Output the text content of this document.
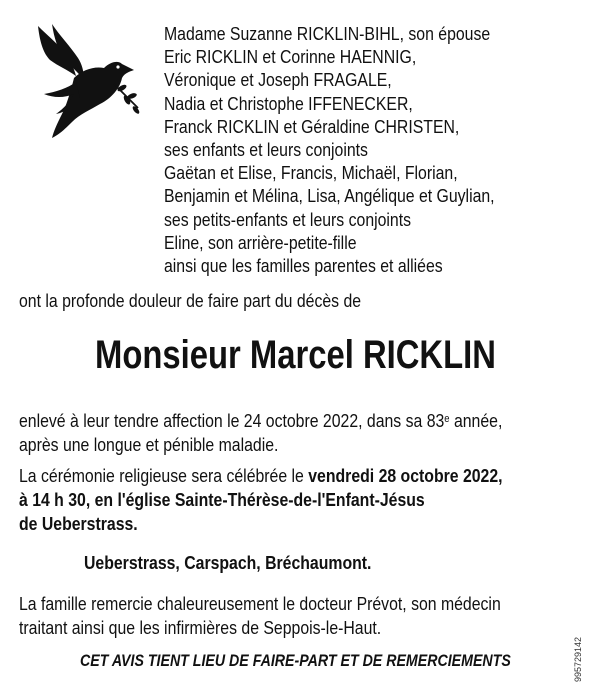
Madame Suzanne RICKLIN-BIHL, son épouse
Eric RICKLIN et Corinne HAENNIG,
Véronique et Joseph FRAGALE,
Nadia et Christophe IFFENECKER,
Franck RICKLIN et Géraldine CHRISTEN,
ses enfants et leurs conjoints
Gaëtan et Elise, Francis, Michaël, Florian,
Benjamin et Mélina, Lisa, Angélique et Guylian,
ses petits-enfants et leurs conjoints
Eline, son arrière-petite-fille
ainsi que les familles parentes et alliées
ont la profonde douleur de faire part du décès de
Monsieur Marcel RICKLIN
enlevé à leur tendre affection le 24 octobre 2022, dans sa 83e année,
après une longue et pénible maladie.
La cérémonie religieuse sera célébrée le vendredi 28 octobre 2022,
à 14 h 30, en l'église Sainte-Thérèse-de-l'Enfant-Jésus
de Ueberstrass.
Ueberstrass, Carspach, Bréchaumont.
La famille remercie chaleureusement le docteur Prévot, son médecin
traitant ainsi que les infirmières de Seppois-le-Haut.
CET AVIS TIENT LIEU DE FAIRE-PART ET DE REMERCIEMENTS	995729142
